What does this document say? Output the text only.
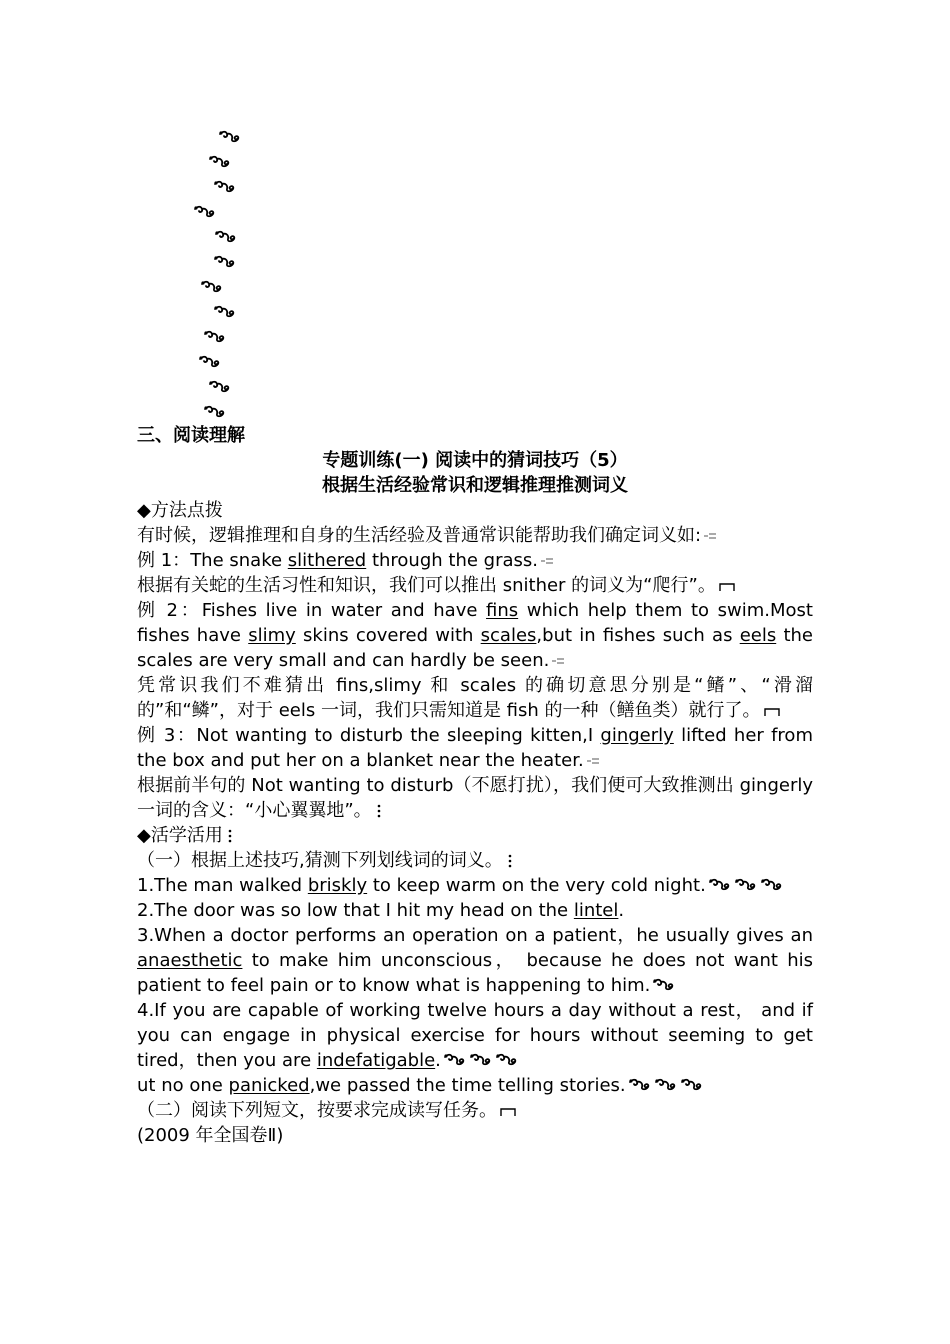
三、阅读理解
专题训练(一) 阅读中的猜词技巧（5）
根据生活经验常识和逻辑推理推测词义
◆方法点拨
有时候，逻辑推理和自身的生活经验及普通常识能帮助我们确定词义如:
例 1：The snake slithered through the grass.
根据有关蛇的生活习性和知识，我们可以推出 snither 的词义为“爬行”。
例 2：Fishes live in water and have fins which help them to swim.Most fishes have slimy skins covered with scales,but in fishes such as eels the scales are very small and can hardly be seen.
凭常识我们不难猜出 fins,slimy 和 scales 的确切意思分别是“鳍”、“滑溜的”和“鳞”，对于 eels 一词，我们只需知道是 fish 的一种（鳝鱼类）就行了。
例 3：Not wanting to disturb the sleeping kitten,I gingerly lifted her from the box and put her on a blanket near the heater.
根据前半句的 Not wanting to disturb（不愿打扰），我们便可大致推测出 gingerly 一词的含义：“小心翼翼地”。
◆活学活用
（一）根据上述技巧,猜测下列划线词的词义。
1.The man walked briskly to keep warm on the very cold night.
2.The door was so low that I hit my head on the lintel.
3.When a doctor performs an operation on a patient，he usually gives an anaesthetic to make him unconscious， because he does not want his patient to feel pain or to know what is happening to him.
4.If you are capable of working twelve hours a day without a rest， and if you can engage in physical exercise for hours without seeming to get tired，then you are indefatigable.
ut no one panicked,we passed the time telling stories.
（二）阅读下列短文，按要求完成读写任务。
(2009 年全国卷Ⅱ)
